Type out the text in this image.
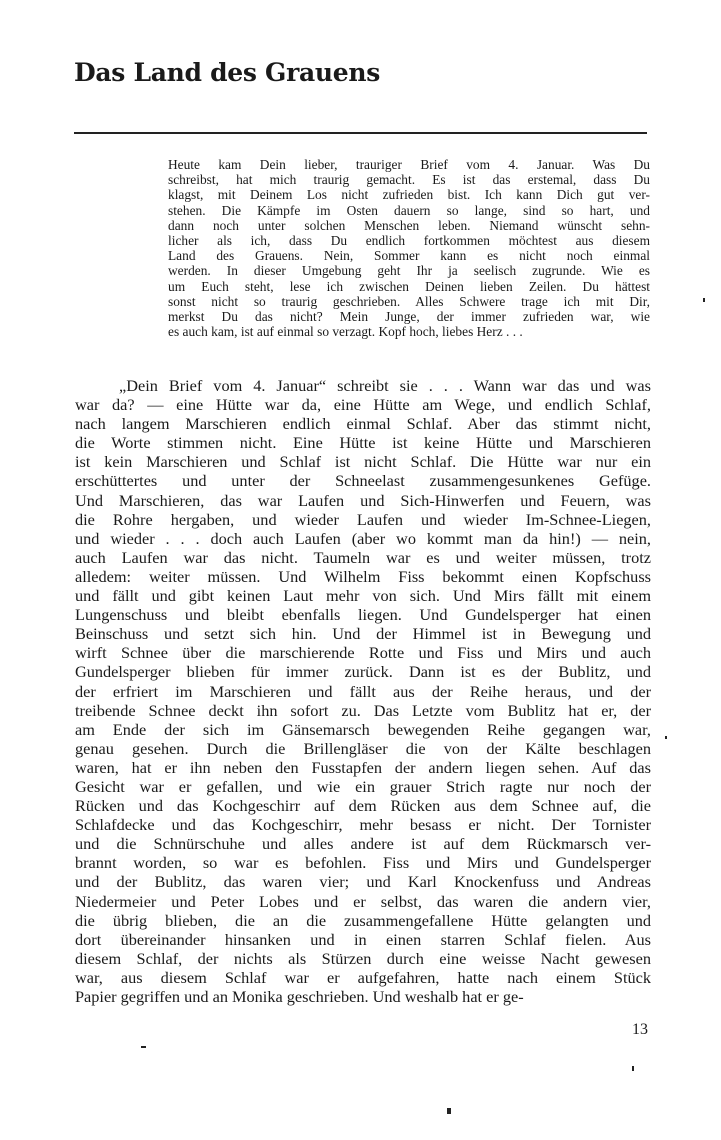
Das Land des Grauens
Heute kam Dein lieber, trauriger Brief vom 4. Januar. Was Du
schreibst, hat mich traurig gemacht. Es ist das erstemal, dass Du
klagst, mit Deinem Los nicht zufrieden bist. Ich kann Dich gut ver-
stehen. Die Kämpfe im Osten dauern so lange, sind so hart, und
dann noch unter solchen Menschen leben. Niemand wünscht sehn-
licher als ich, dass Du endlich fortkommen möchtest aus diesem
Land des Grauens. Nein, Sommer kann es nicht noch einmal
werden. In dieser Umgebung geht Ihr ja seelisch zugrunde. Wie es
um Euch steht, lese ich zwischen Deinen lieben Zeilen. Du hättest
sonst nicht so traurig geschrieben. Alles Schwere trage ich mit Dir,
merkst Du das nicht? Mein Junge, der immer zufrieden war, wie
es auch kam, ist auf einmal so verzagt. Kopf hoch, liebes Herz . . .
„Dein Brief vom 4. Januar“ schreibt sie . . . Wann war das und was
war da? — eine Hütte war da, eine Hütte am Wege, und endlich Schlaf,
nach langem Marschieren endlich einmal Schlaf. Aber das stimmt nicht,
die Worte stimmen nicht. Eine Hütte ist keine Hütte und Marschieren
ist kein Marschieren und Schlaf ist nicht Schlaf. Die Hütte war nur ein
erschüttertes und unter der Schneelast zusammengesunkenes Gefüge.
Und Marschieren, das war Laufen und Sich-Hinwerfen und Feuern, was
die Rohre hergaben, und wieder Laufen und wieder Im-Schnee-Liegen,
und wieder . . . doch auch Laufen (aber wo kommt man da hin!) — nein,
auch Laufen war das nicht. Taumeln war es und weiter müssen, trotz
alledem: weiter müssen. Und Wilhelm Fiss bekommt einen Kopfschuss
und fällt und gibt keinen Laut mehr von sich. Und Mirs fällt mit einem
Lungenschuss und bleibt ebenfalls liegen. Und Gundelsperger hat einen
Beinschuss und setzt sich hin. Und der Himmel ist in Bewegung und
wirft Schnee über die marschierende Rotte und Fiss und Mirs und auch
Gundelsperger blieben für immer zurück. Dann ist es der Bublitz, und
der erfriert im Marschieren und fällt aus der Reihe heraus, und der
treibende Schnee deckt ihn sofort zu. Das Letzte vom Bublitz hat er, der
am Ende der sich im Gänsemarsch bewegenden Reihe gegangen war,
genau gesehen. Durch die Brillengläser die von der Kälte beschlagen
waren, hat er ihn neben den Fusstapfen der andern liegen sehen. Auf das
Gesicht war er gefallen, und wie ein grauer Strich ragte nur noch der
Rücken und das Kochgeschirr auf dem Rücken aus dem Schnee auf, die
Schlafdecke und das Kochgeschirr, mehr besass er nicht. Der Tornister
und die Schnürschuhe und alles andere ist auf dem Rückmarsch ver-
brannt worden, so war es befohlen. Fiss und Mirs und Gundelsperger
und der Bublitz, das waren vier; und Karl Knockenfuss und Andreas
Niedermeier und Peter Lobes und er selbst, das waren die andern vier,
die übrig blieben, die an die zusammengefallene Hütte gelangten und
dort übereinander hinsanken und in einen starren Schlaf fielen. Aus
diesem Schlaf, der nichts als Stürzen durch eine weisse Nacht gewesen
war, aus diesem Schlaf war er aufgefahren, hatte nach einem Stück
Papier gegriffen und an Monika geschrieben. Und weshalb hat er ge-
13
